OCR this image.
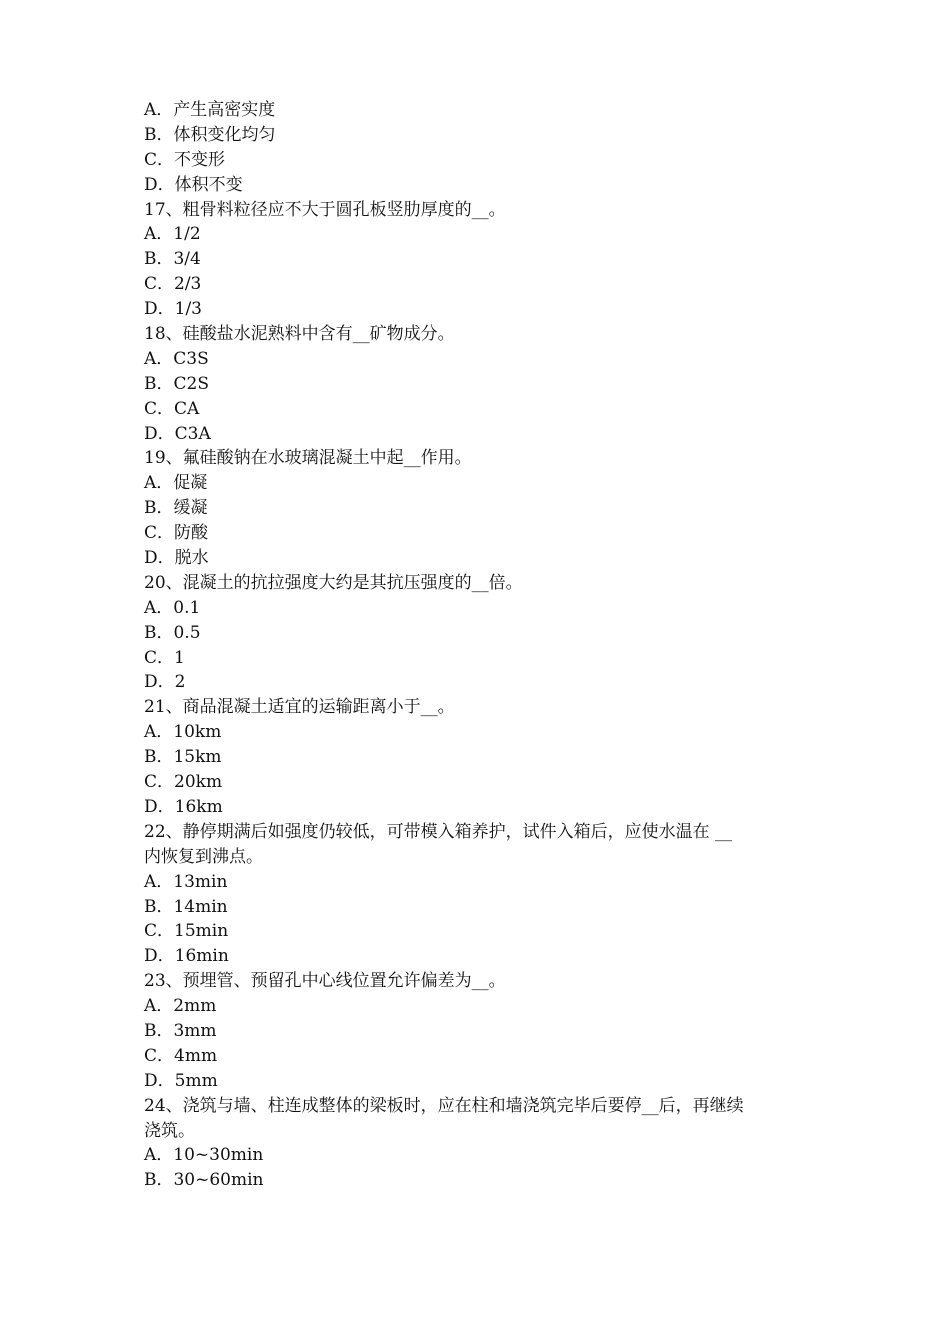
A．产生高密实度
B．体积变化均匀
C．不变形
D．体积不变
17、粗骨料粒径应不大于圆孔板竖肋厚度的__。
A．1/2
B．3/4
C．2/3
D．1/3
18、硅酸盐水泥熟料中含有__矿物成分。
A．C3S
B．C2S
C．CA
D．C3A
19、氟硅酸钠在水玻璃混凝土中起__作用。
A．促凝
B．缓凝
C．防酸
D．脱水
20、混凝土的抗拉强度大约是其抗压强度的__倍。
A．0.1
B．0.5
C．1
D．2
21、商品混凝土适宜的运输距离小于__。
A．10km
B．15km
C．20km
D．16km
22、静停期满后如强度仍较低，可带模入箱养护，试件入箱后，应使水温在 __
内恢复到沸点。
A．13min
B．14min
C．15min
D．16min
23、预埋管、预留孔中心线位置允许偏差为__。
A．2mm
B．3mm
C．4mm
D．5mm
24、浇筑与墙、柱连成整体的梁板时，应在柱和墙浇筑完毕后要停__后，再继续
浇筑。
A．10~30min
B．30~60min
